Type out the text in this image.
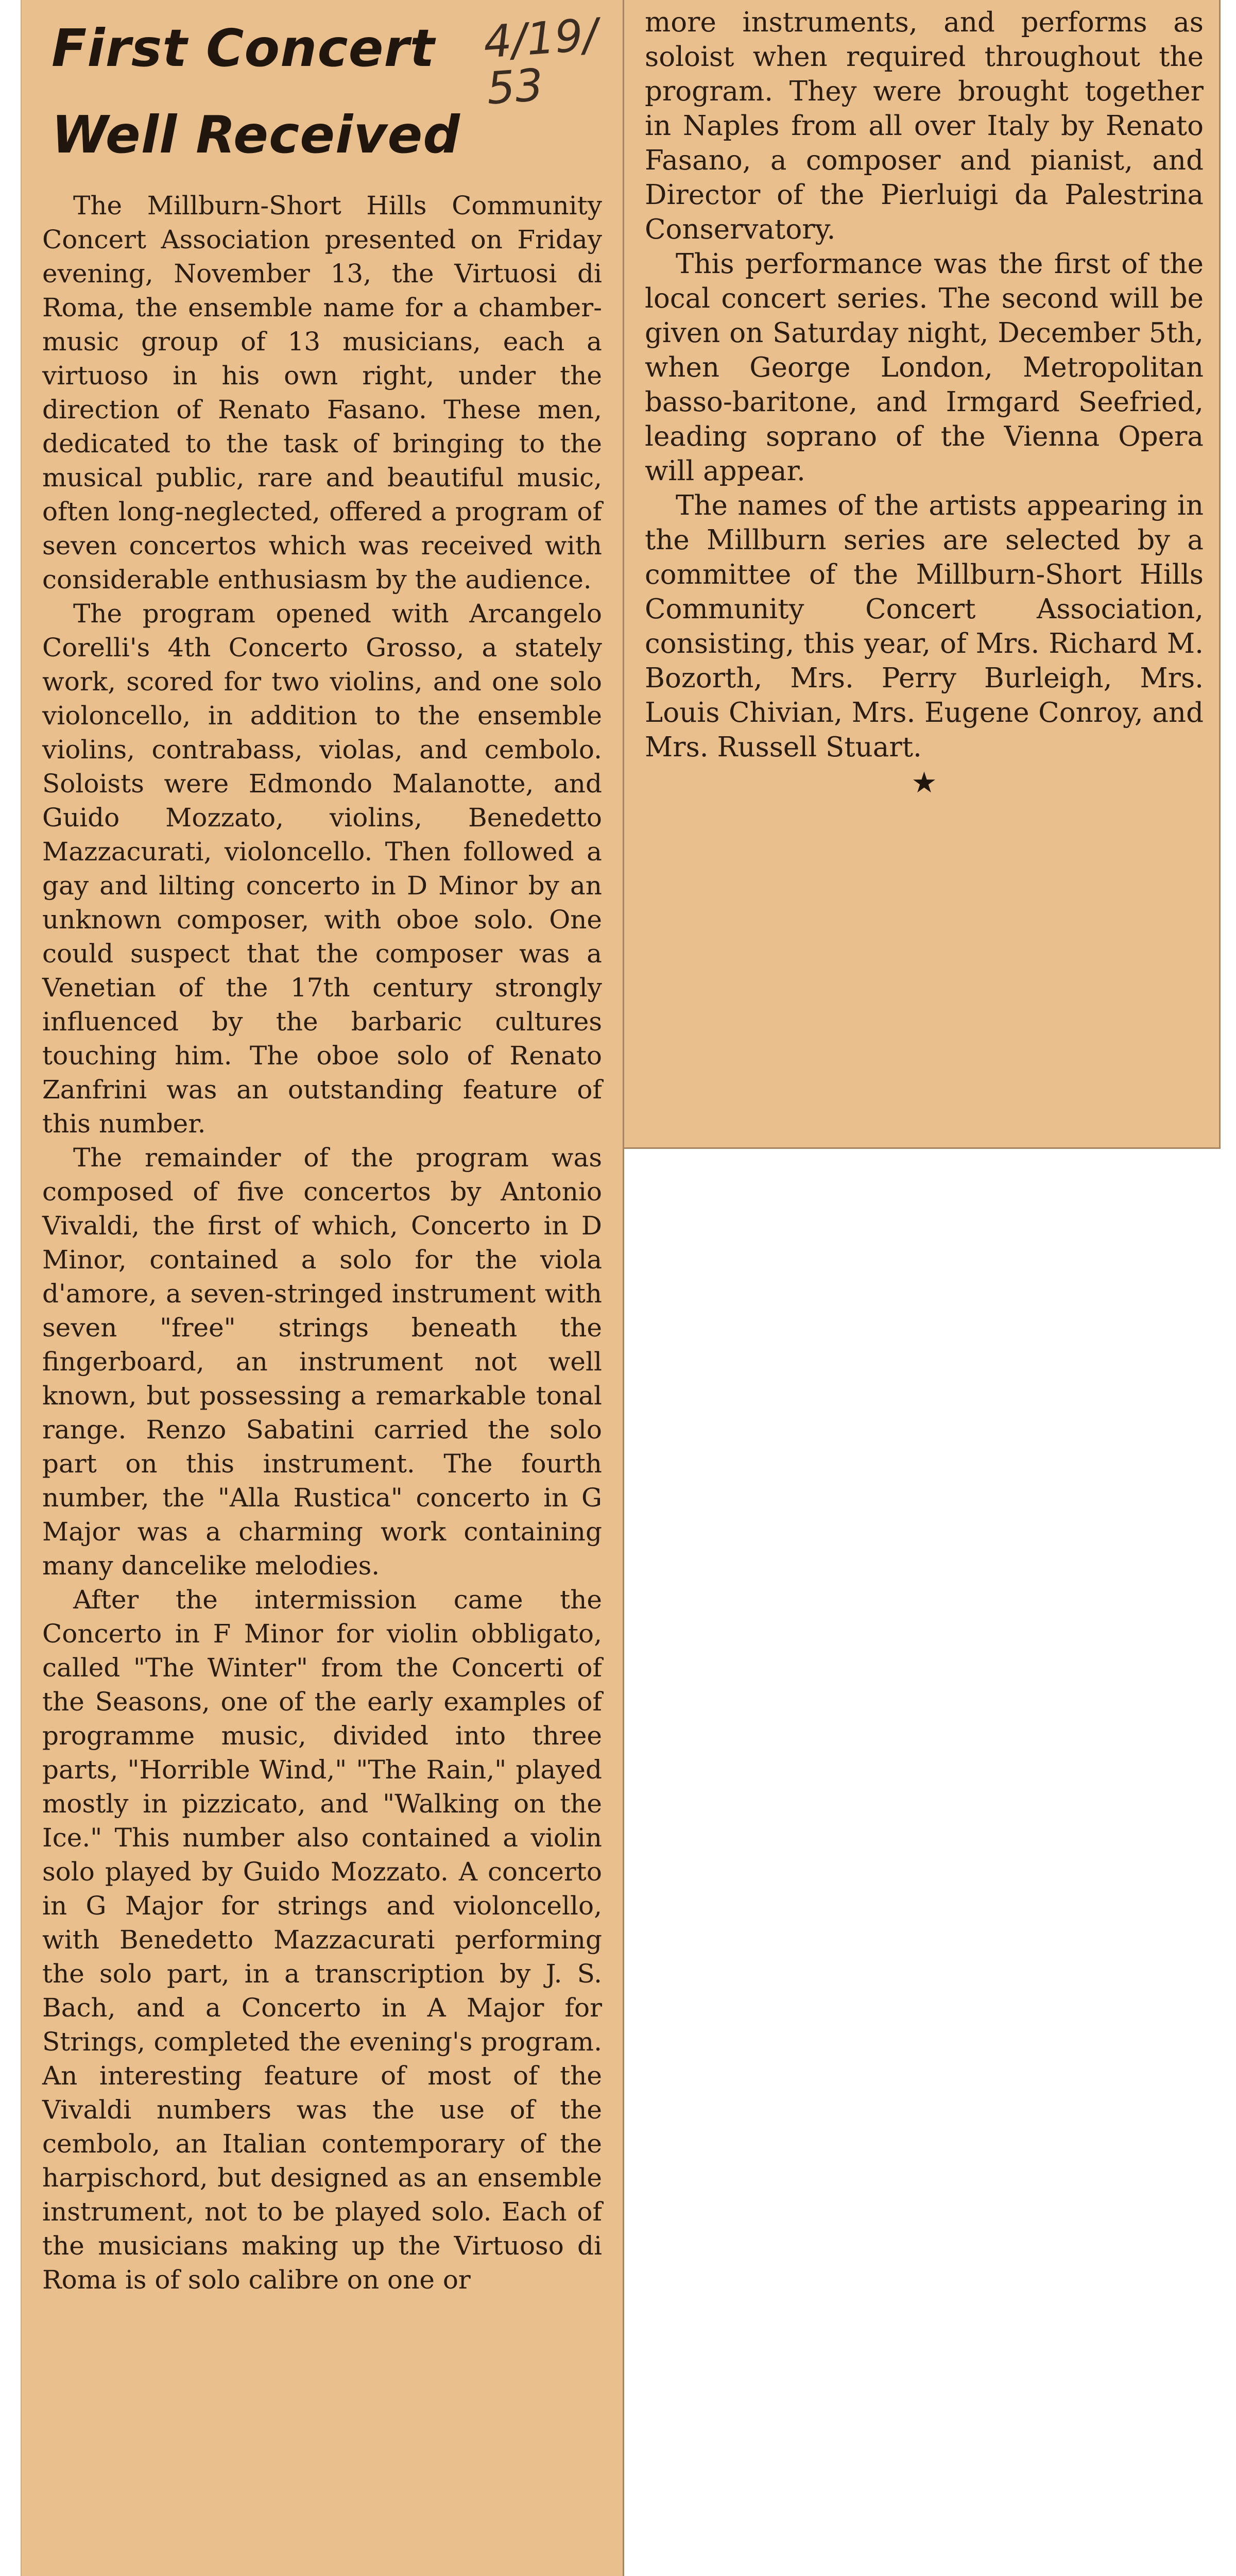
First Concert
Well Received
4/19/
53

The Millburn-Short Hills Community Concert Association presented on Friday evening, November 13, the Virtuosi di Roma, the ensemble name for a chamber-music group of 13 musicians, each a virtuoso in his own right, under the direction of Renato Fasano. These men, dedicated to the task of bringing to the musical public, rare and beautiful music, often long-neglected, offered a program of seven concertos which was received with considerable enthusiasm by the audience.

The program opened with Arcangelo Corelli's 4th Concerto Grosso, a stately work, scored for two violins, and one solo violoncello, in addition to the ensemble violins, contrabass, violas, and cembolo. Soloists were Edmondo Malanotte, and Guido Mozzato, violins, Benedetto Mazzacurati, violoncello. Then followed a gay and lilting concerto in D Minor by an unknown composer, with oboe solo. One could suspect that the composer was a Venetian of the 17th century strongly influenced by the barbaric cultures touching him. The oboe solo of Renato Zanfrini was an outstanding feature of this number.

The remainder of the program was composed of five concertos by Antonio Vivaldi, the first of which, Concerto in D Minor, contained a solo for the viola d'amore, a seven-stringed instrument with seven "free" strings beneath the fingerboard, an instrument not well known, but possessing a remarkable tonal range. Renzo Sabatini carried the solo part on this instrument. The fourth number, the "Alla Rustica" concerto in G Major was a charming work containing many dancelike melodies.

After the intermission came the Concerto in F Minor for violin obbligato, called "The Winter" from the Concerti of the Seasons, one of the early examples of programme music, divided into three parts, "Horrible Wind," "The Rain," played mostly in pizzicato, and "Walking on the Ice." This number also contained a violin solo played by Guido Mozzato. A concerto in G Major for strings and violoncello, with Benedetto Mazzacurati performing the solo part, in a transcription by J. S. Bach, and a Concerto in A Major for Strings, completed the evening's program. An interesting feature of most of the Vivaldi numbers was the use of the cembolo, an Italian contemporary of the harpischord, but designed as an ensemble instrument, not to be played solo. Each of the musicians making up the Virtuoso di Roma is of solo calibre on one or

more instruments, and performs as soloist when required throughout the program. They were brought together in Naples from all over Italy by Renato Fasano, a composer and pianist, and Director of the Pierluigi da Palestrina Conservatory.

This performance was the first of the local concert series. The second will be given on Saturday night, December 5th, when George London, Metropolitan basso-baritone, and Irmgard Seefried, leading soprano of the Vienna Opera will appear.

The names of the artists appearing in the Millburn series are selected by a committee of the Millburn-Short Hills Community Concert Association, consisting, this year, of Mrs. Richard M. Bozorth, Mrs. Perry Burleigh, Mrs. Louis Chivian, Mrs. Eugene Conroy, and Mrs. Russell Stuart.

★
